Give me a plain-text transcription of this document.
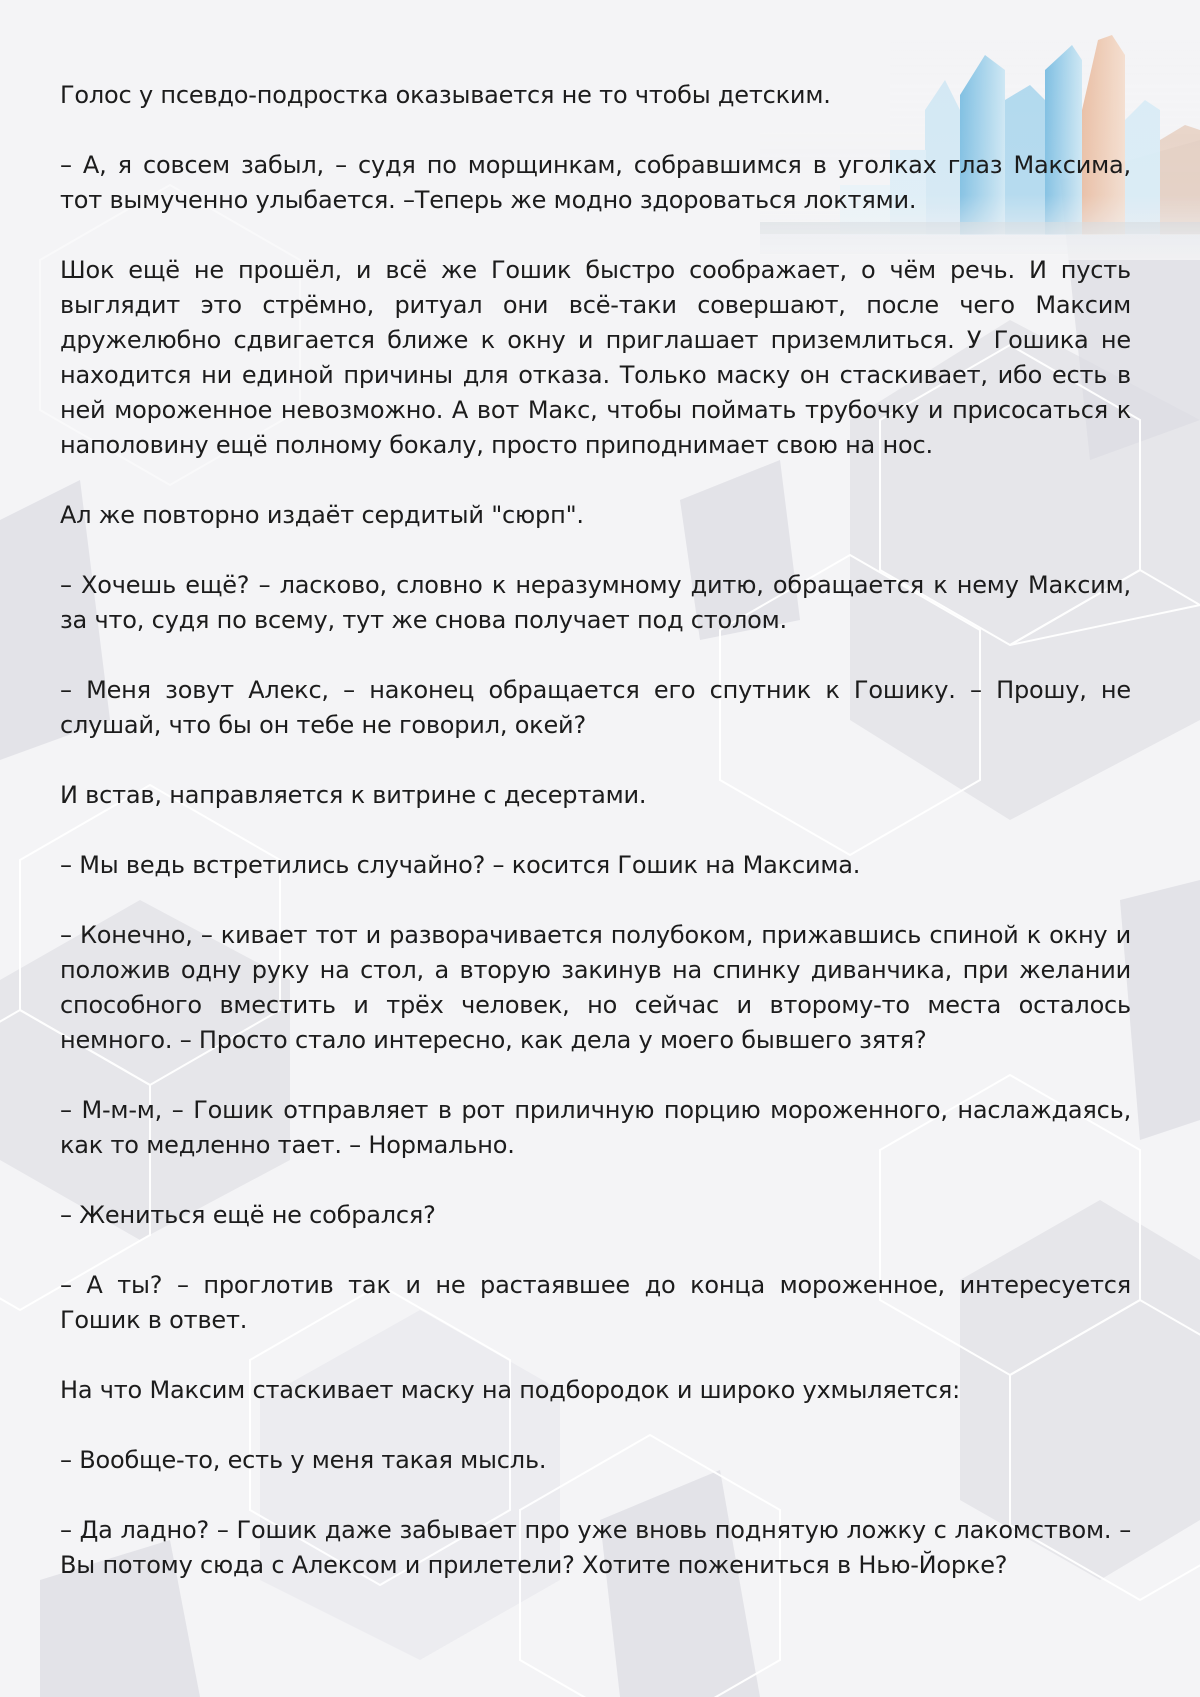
Голос у псевдо-подростка оказывается не то чтобы детским.

– А, я совсем забыл, – судя по морщинкам, собравшимся в уголках глаз Максима, тот вымученно улыбается. –Теперь же модно здороваться локтями.

Шок ещё не прошёл, и всё же Гошик быстро соображает, о чём речь. И пусть выглядит это стрёмно, ритуал они всё-таки совершают, после чего Максим дружелюбно сдвигается ближе к окну и приглашает приземлиться. У Гошика не находится ни единой причины для отказа. Только маску он стаскивает, ибо есть в ней мороженное невозможно. А вот Макс, чтобы поймать трубочку и присосаться к наполовину ещё полному бокалу, просто приподнимает свою на нос.

Ал же повторно издаёт сердитый "сюрп".

– Хочешь ещё? – ласково, словно к неразумному дитю, обращается к нему Максим, за что, судя по всему, тут же снова получает под столом.

– Меня зовут Алекс, – наконец обращается его спутник к Гошику. – Прошу, не слушай, что бы он тебе не говорил, окей?

И встав, направляется к витрине с десертами.

– Мы ведь встретились случайно? – косится Гошик на Максима.

– Конечно, – кивает тот и разворачивается полубоком, прижавшись спиной к окну и положив одну руку на стол, а вторую закинув на спинку диванчика, при желании способного вместить и трёх человек, но сейчас и второму-то места осталось немного. – Просто стало интересно, как дела у моего бывшего зятя?

– М-м-м, – Гошик отправляет в рот приличную порцию мороженного, наслаждаясь, как то медленно тает. – Нормально.

– Жениться ещё не собрался?

– А ты? – проглотив так и не растаявшее до конца мороженное, интересуется Гошик в ответ.

На что Максим стаскивает маску на подбородок и широко ухмыляется:

– Вообще-то, есть у меня такая мысль.

– Да ладно? – Гошик даже забывает про уже вновь поднятую ложку с лакомством. – Вы потому сюда с Алексом и прилетели? Хотите пожениться в Нью-Йорке?
